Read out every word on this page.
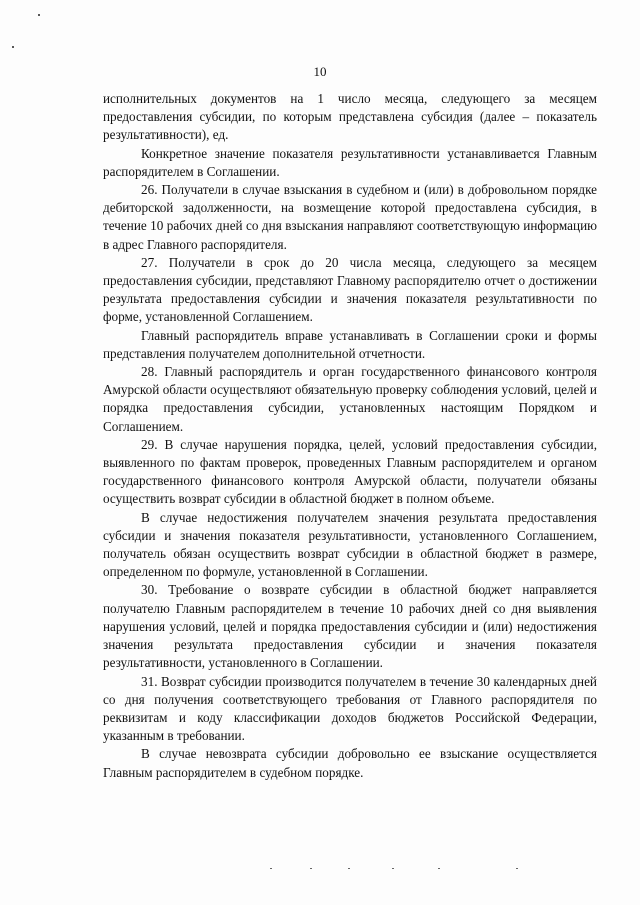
10

исполнительных документов на 1 число месяца, следующего за месяцем предоставления субсидии, по которым представлена субсидия (далее – показатель результативности), ед.

Конкретное значение показателя результативности устанавливается Главным распорядителем в Соглашении.

26. Получатели в случае взыскания в судебном и (или) в добровольном порядке дебиторской задолженности, на возмещение которой предоставлена субсидия, в течение 10 рабочих дней со дня взыскания направляют соответствующую информацию в адрес Главного распорядителя.

27. Получатели в срок до 20 числа месяца, следующего за месяцем предоставления субсидии, представляют Главному распорядителю отчет о достижении результата предоставления субсидии и значения показателя результативности по форме, установленной Соглашением.

Главный распорядитель вправе устанавливать в Соглашении сроки и формы представления получателем дополнительной отчетности.

28. Главный распорядитель и орган государственного финансового контроля Амурской области осуществляют обязательную проверку соблюдения условий, целей и порядка предоставления субсидии, установленных настоящим Порядком и Соглашением.

29. В случае нарушения порядка, целей, условий предоставления субсидии, выявленного по фактам проверок, проведенных Главным распорядителем и органом государственного финансового контроля Амурской области, получатели обязаны осуществить возврат субсидии в областной бюджет в полном объеме.

В случае недостижения получателем значения результата предоставления субсидии и значения показателя результативности, установленного Соглашением, получатель обязан осуществить возврат субсидии в областной бюджет в размере, определенном по формуле, установленной в Соглашении.

30. Требование о возврате субсидии в областной бюджет направляется получателю Главным распорядителем в течение 10 рабочих дней со дня выявления нарушения условий, целей и порядка предоставления субсидии и (или) недостижения значения результата предоставления субсидии и значения показателя результативности, установленного в Соглашении.

31. Возврат субсидии производится получателем в течение 30 календарных дней со дня получения соответствующего требования от Главного распорядителя по реквизитам и коду классификации доходов бюджетов Российской Федерации, указанным в требовании.

В случае невозврата субсидии добровольно ее взыскание осуществляется Главным распорядителем в судебном порядке.
